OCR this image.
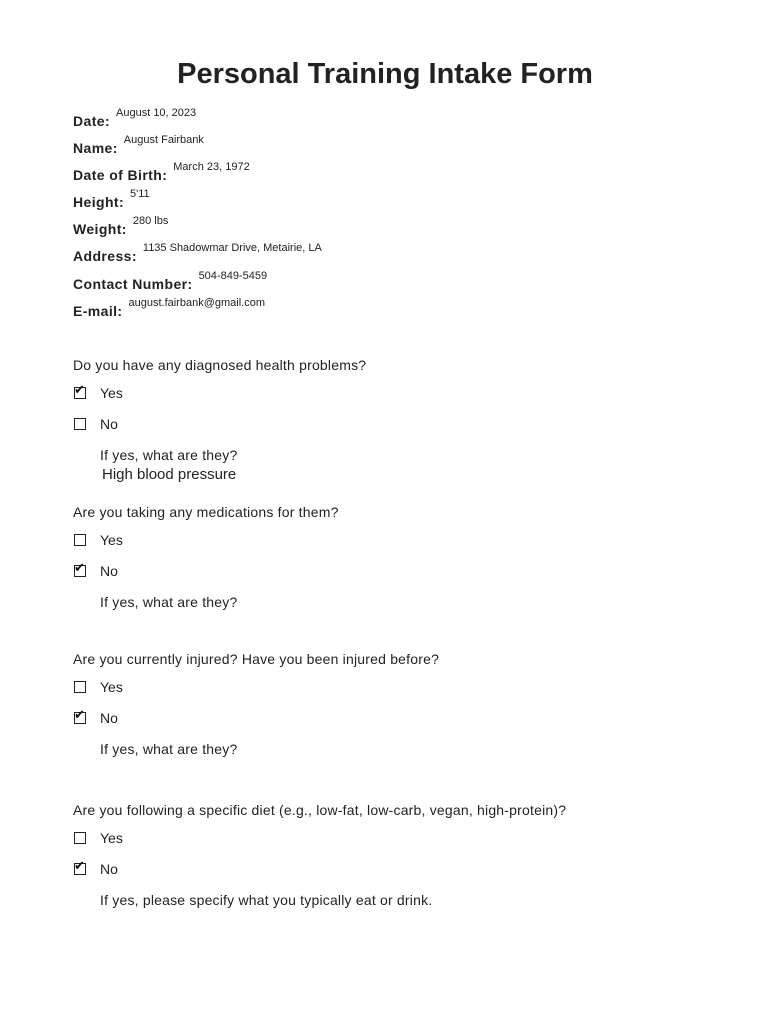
Personal Training Intake Form
Date: August 10, 2023
Name: August Fairbank
Date of Birth: March 23, 1972
Height: 5'11
Weight: 280 lbs
Address: 1135 Shadowmar Drive, Metairie, LA
Contact Number: 504-849-5459
E-mail: august.fairbank@gmail.com
Do you have any diagnosed health problems?
✔ Yes
No
If yes, what are they?
High blood pressure
Are you taking any medications for them?
Yes
✔ No
If yes, what are they?
Are you currently injured? Have you been injured before?
Yes
✔ No
If yes, what are they?
Are you following a specific diet (e.g., low-fat, low-carb, vegan, high-protein)?
Yes
✔ No
If yes, please specify what you typically eat or drink.
